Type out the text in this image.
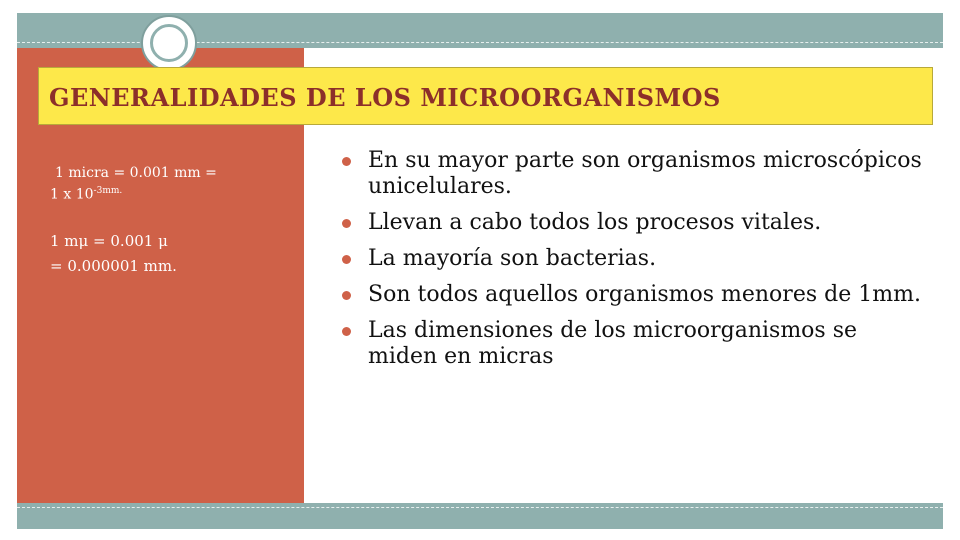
GENERALIDADES DE LOS MICROORGANISMOS
1 micra = 0.001 mm =
1 x $10^{-3mm.}$
1 mμ = 0.001 μ
= 0.000001 mm.
En su mayor parte son organismos microscópicos unicelulares.
Llevan a cabo todos los procesos vitales.
La mayoría son bacterias.
Son todos aquellos organismos menores de 1mm.
Las dimensiones de los microorganismos se miden en micras
